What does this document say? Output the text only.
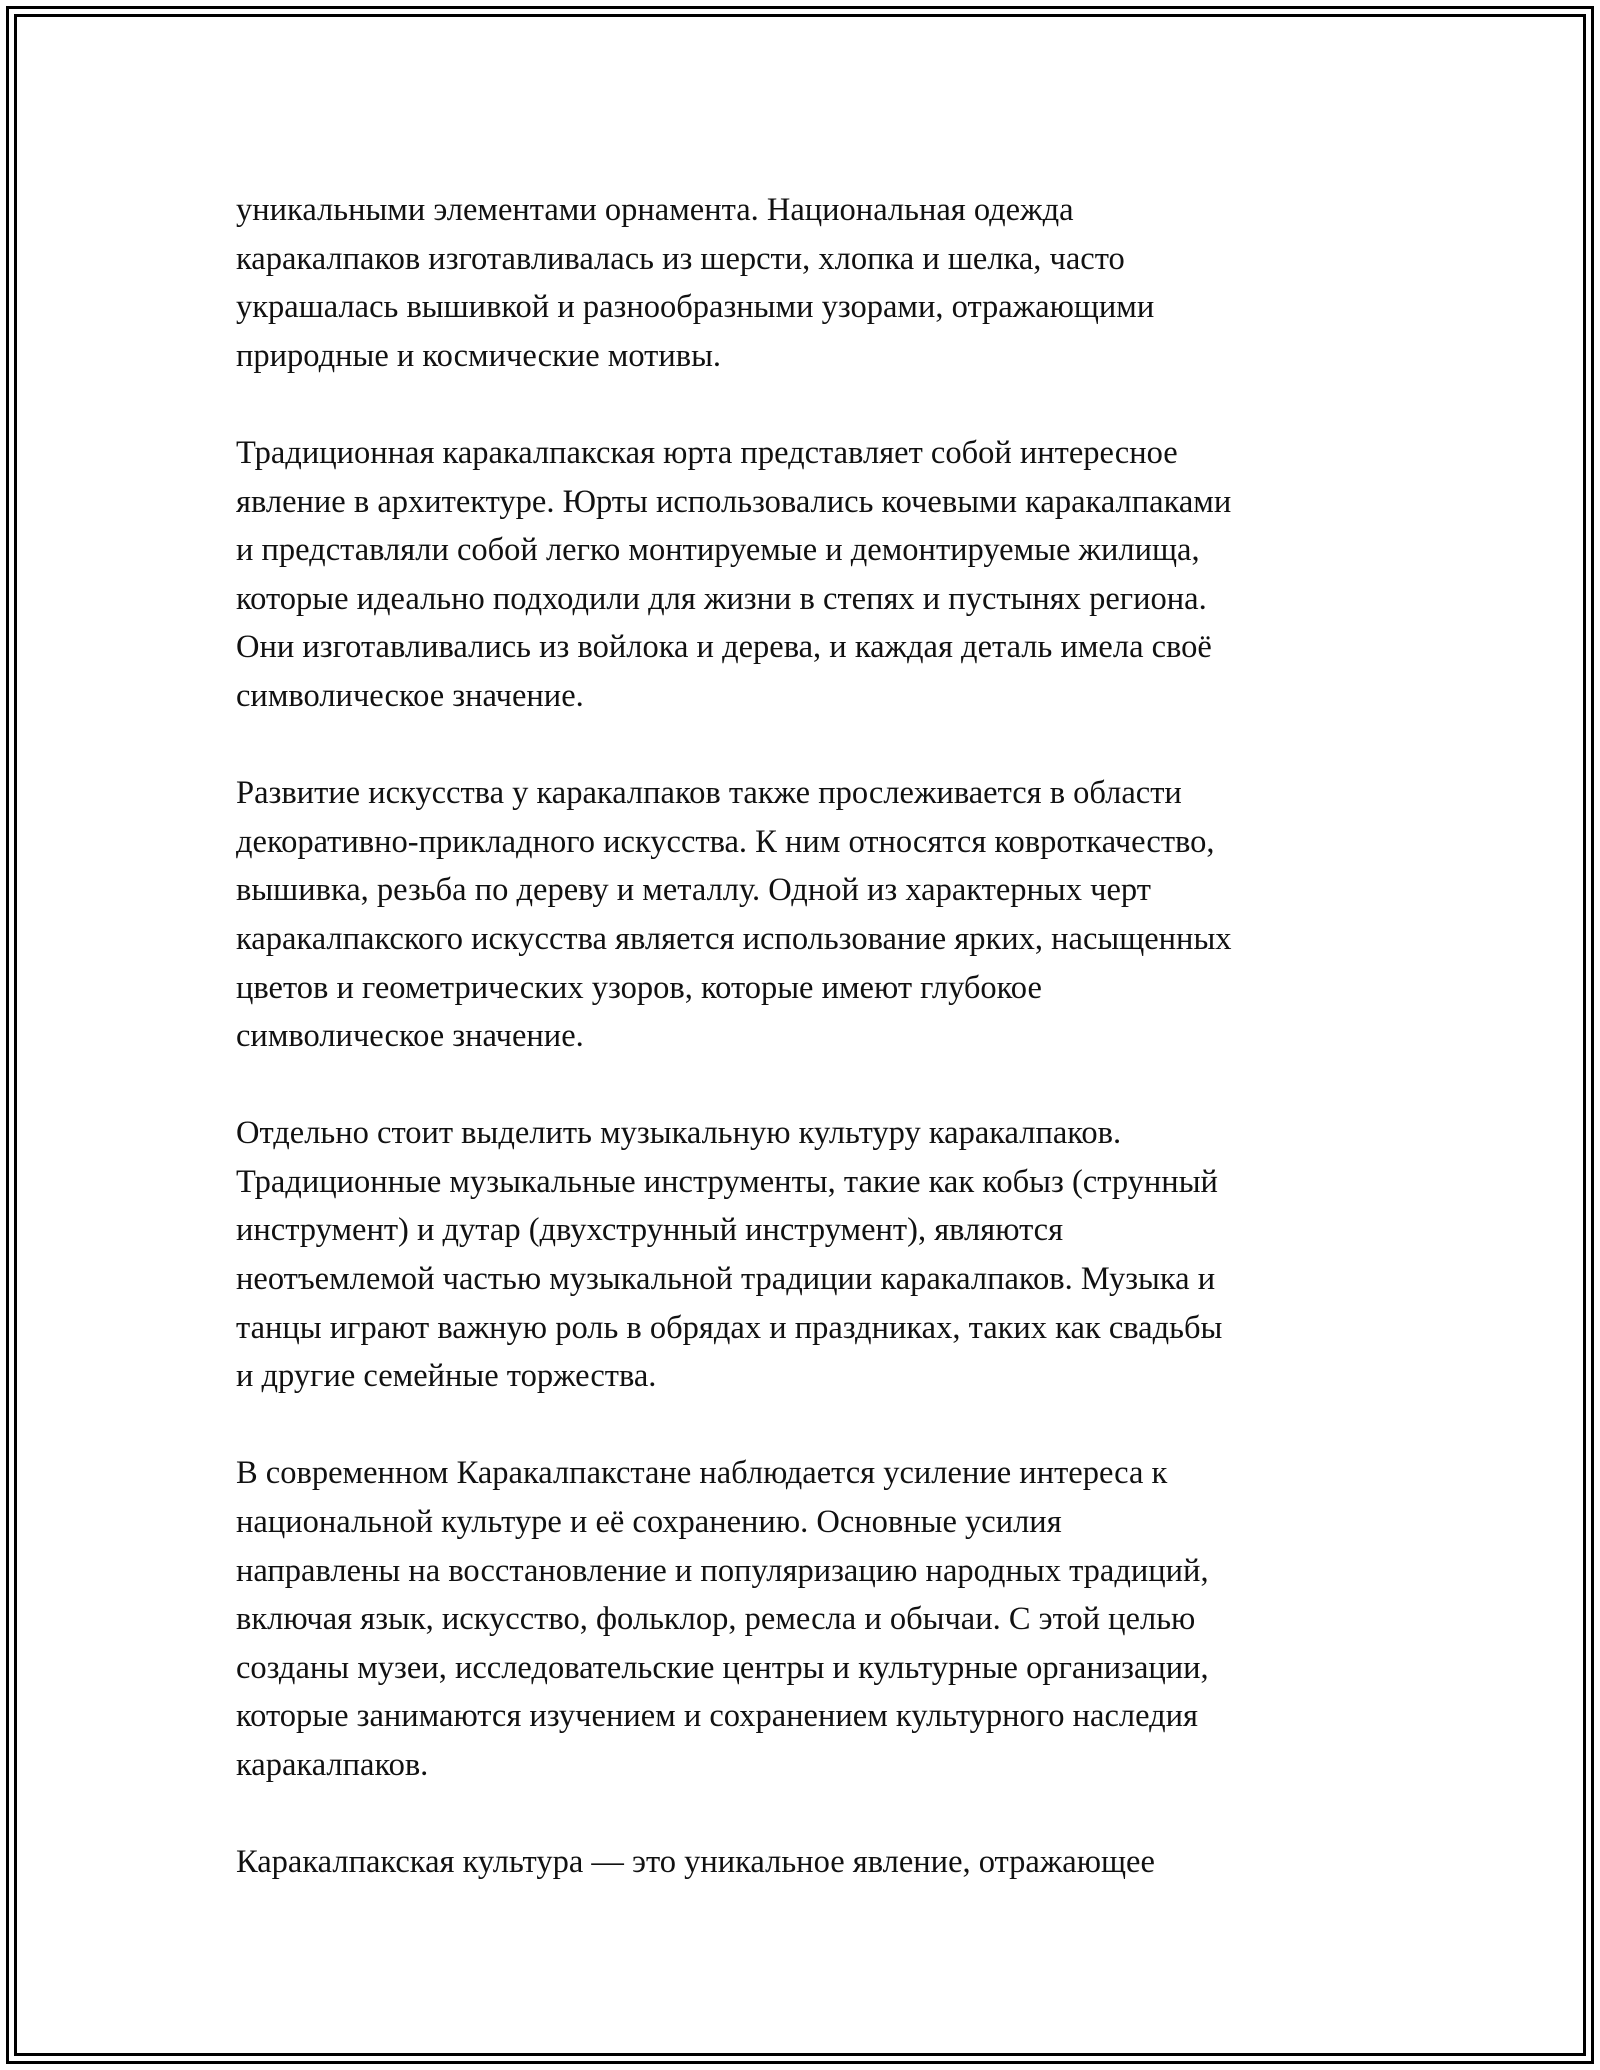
уникальными элементами орнамента. Национальная одежда
каракалпаков изготавливалась из шерсти, хлопка и шелка, часто
украшалась вышивкой и разнообразными узорами, отражающими
природные и космические мотивы.

Традиционная каракалпакская юрта представляет собой интересное
явление в архитектуре. Юрты использовались кочевыми каракалпаками
и представляли собой легко монтируемые и демонтируемые жилища,
которые идеально подходили для жизни в степях и пустынях региона.
Они изготавливались из войлока и дерева, и каждая деталь имела своё
символическое значение.

Развитие искусства у каракалпаков также прослеживается в области
декоративно-прикладного искусства. К ним относятся ковроткачество,
вышивка, резьба по дереву и металлу. Одной из характерных черт
каракалпакского искусства является использование ярких, насыщенных
цветов и геометрических узоров, которые имеют глубокое
символическое значение.

Отдельно стоит выделить музыкальную культуру каракалпаков.
Традиционные музыкальные инструменты, такие как кобыз (струнный
инструмент) и дутар (двухструнный инструмент), являются
неотъемлемой частью музыкальной традиции каракалпаков. Музыка и
танцы играют важную роль в обрядах и праздниках, таких как свадьбы
и другие семейные торжества.

В современном Каракалпакстане наблюдается усиление интереса к
национальной культуре и её сохранению. Основные усилия
направлены на восстановление и популяризацию народных традиций,
включая язык, искусство, фольклор, ремесла и обычаи. С этой целью
созданы музеи, исследовательские центры и культурные организации,
которые занимаются изучением и сохранением культурного наследия
каракалпаков.

Каракалпакская культура — это уникальное явление, отражающее
